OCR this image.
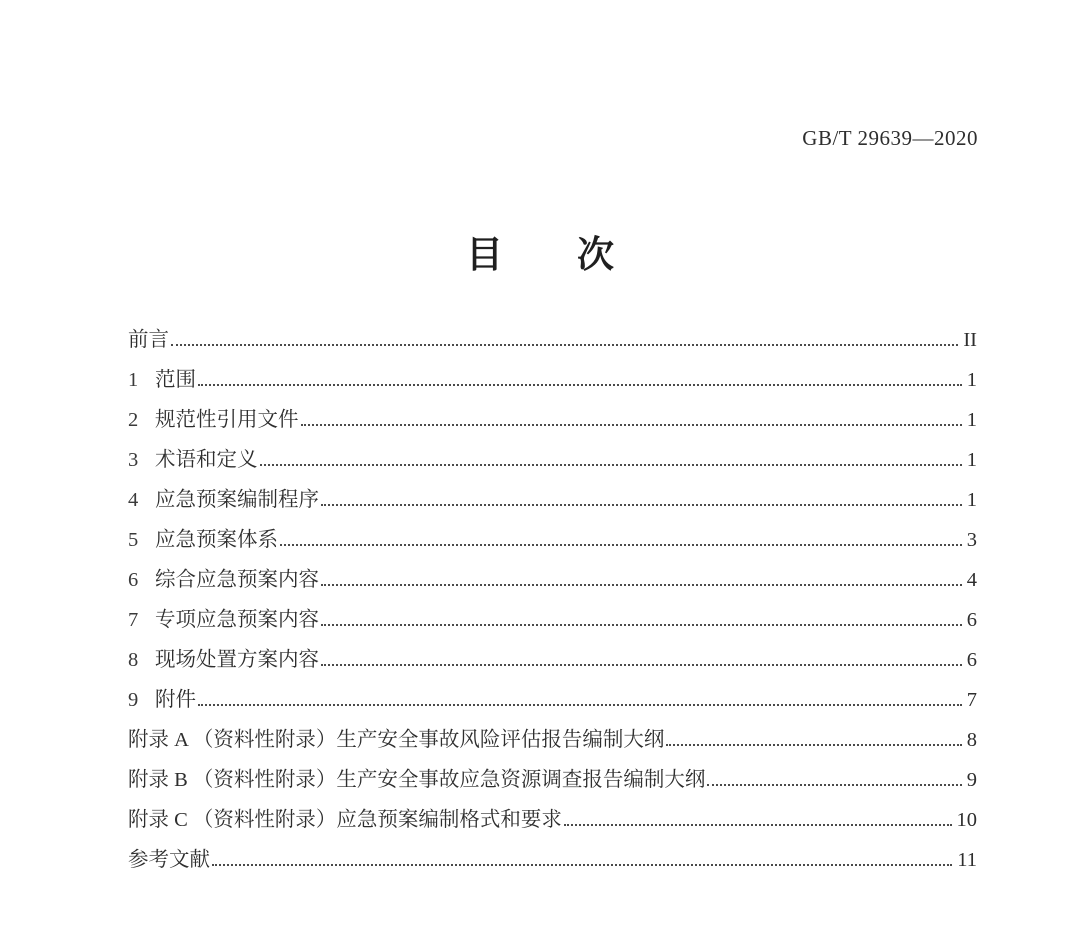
GB/T 29639—2020
目　　次
前言	II
1 范围	1
2 规范性引用文件	1
3 术语和定义	1
4 应急预案编制程序	1
5 应急预案体系	3
6 综合应急预案内容	4
7 专项应急预案内容	6
8 现场处置方案内容	6
9 附件	7
附录 A （资料性附录）生产安全事故风险评估报告编制大纲	8
附录 B （资料性附录）生产安全事故应急资源调查报告编制大纲	9
附录 C （资料性附录）应急预案编制格式和要求	10
参考文献	11
